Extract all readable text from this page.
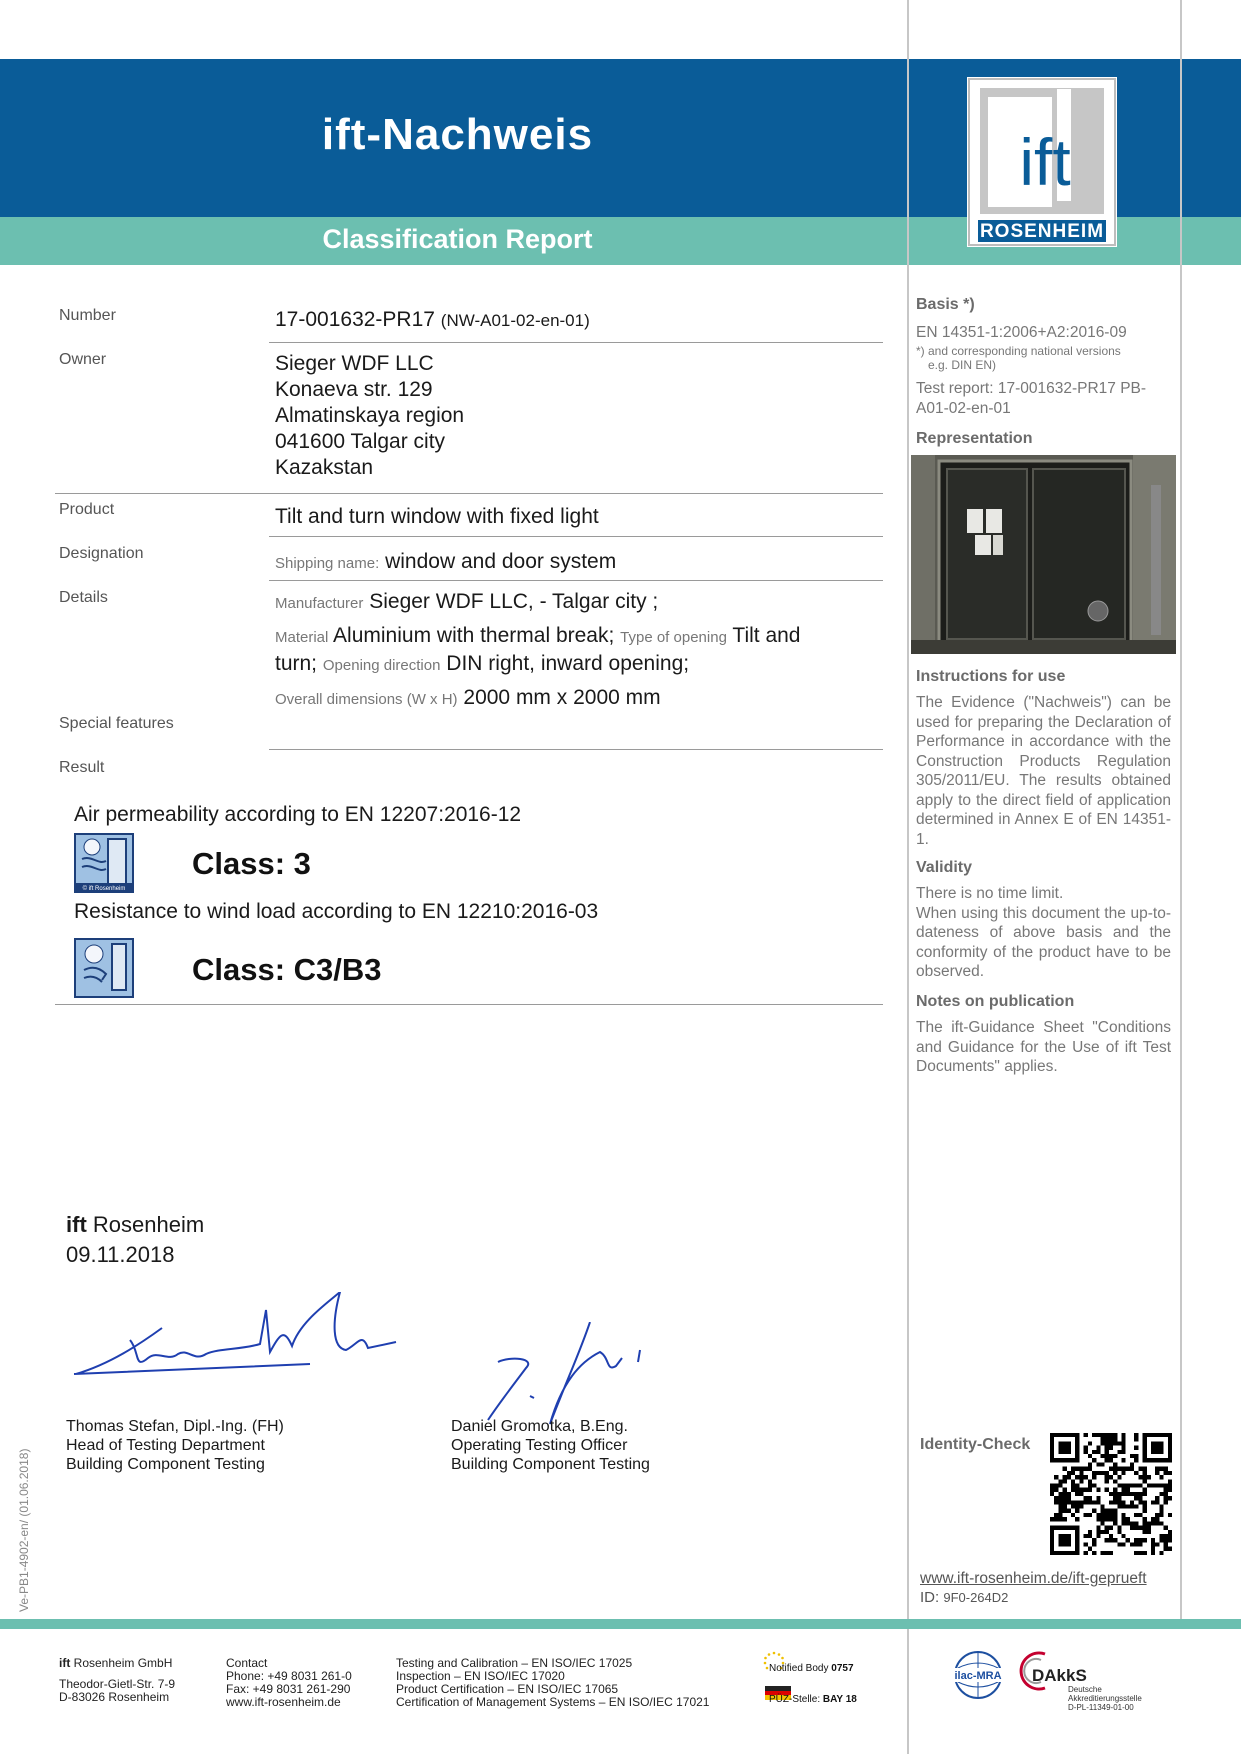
ift-Nachweis
Classification Report
ift
ROSENHEIM
Number	17-001632-PR17 (NW-A01-02-en-01)
Owner	Sieger WDF LLC
Konaeva str. 129
Almatinskaya region
041600 Talgar city
Kazakstan
Product	Tilt and turn window with fixed light
Designation
Shipping name: window and door system
Details	Manufacturer Sieger WDF LLC, - Talgar city ;
Material Aluminium with thermal break; Type of opening Tilt and
turn; Opening direction DIN right, inward opening;
Overall dimensions (W x H) 2000 mm x 2000 mm
Special features
Result
Air permeability according to EN 12207:2016-12
© ift Rosenheim
Class: 3
Resistance to wind load according to EN 12210:2016-03
Class: C3/B3
Basis *)
EN 14351-1:2006+A2:2016-09
*) and corresponding national versions
e.g. DIN EN)
Test report: 17-001632-PR17 PB-
A01-02-en-01
Representation
Instructions for use
The Evidence ("Nachweis") can be used for preparing the Declaration of Performance in accordance with the Construction Products Regulation 305/2011/EU. The results obtained apply to the direct field of application determined in Annex E of EN 14351-1.
Validity
There is no time limit.
When using this document the up-to-dateness of above basis and the conformity of the product have to be observed.
Notes on publication
The ift-Guidance Sheet "Conditions and Guidance for the Use of ift Test Documents" applies.
ift Rosenheim
09.11.2018
Thomas Stefan, Dipl.-Ing. (FH)
Head of Testing Department
Building Component Testing
Daniel Gromotka, B.Eng.
Operating Testing Officer
Building Component Testing
Ve-PB1-4902-en/ (01.06.2018)
Identity-Check
www.ift-rosenheim.de/ift-geprueft
ID: 9F0-264D2
ift Rosenheim GmbH
Theodor-Gietl-Str. 7-9
D-83026 Rosenheim
Contact
Phone: +49 8031 261-0
Fax: +49 8031 261-290
www.ift-rosenheim.de
Testing and Calibration – EN ISO/IEC 17025
Inspection – EN ISO/IEC 17020
Product Certification – EN ISO/IEC 17065
Certification of Management Systems – EN ISO/IEC 17021
Notified Body 0757
PÜZ-Stelle: BAY 18
ilac-MRA DAkkS
Deutsche
Akkreditierungsstelle
D-PL-11349-01-00
